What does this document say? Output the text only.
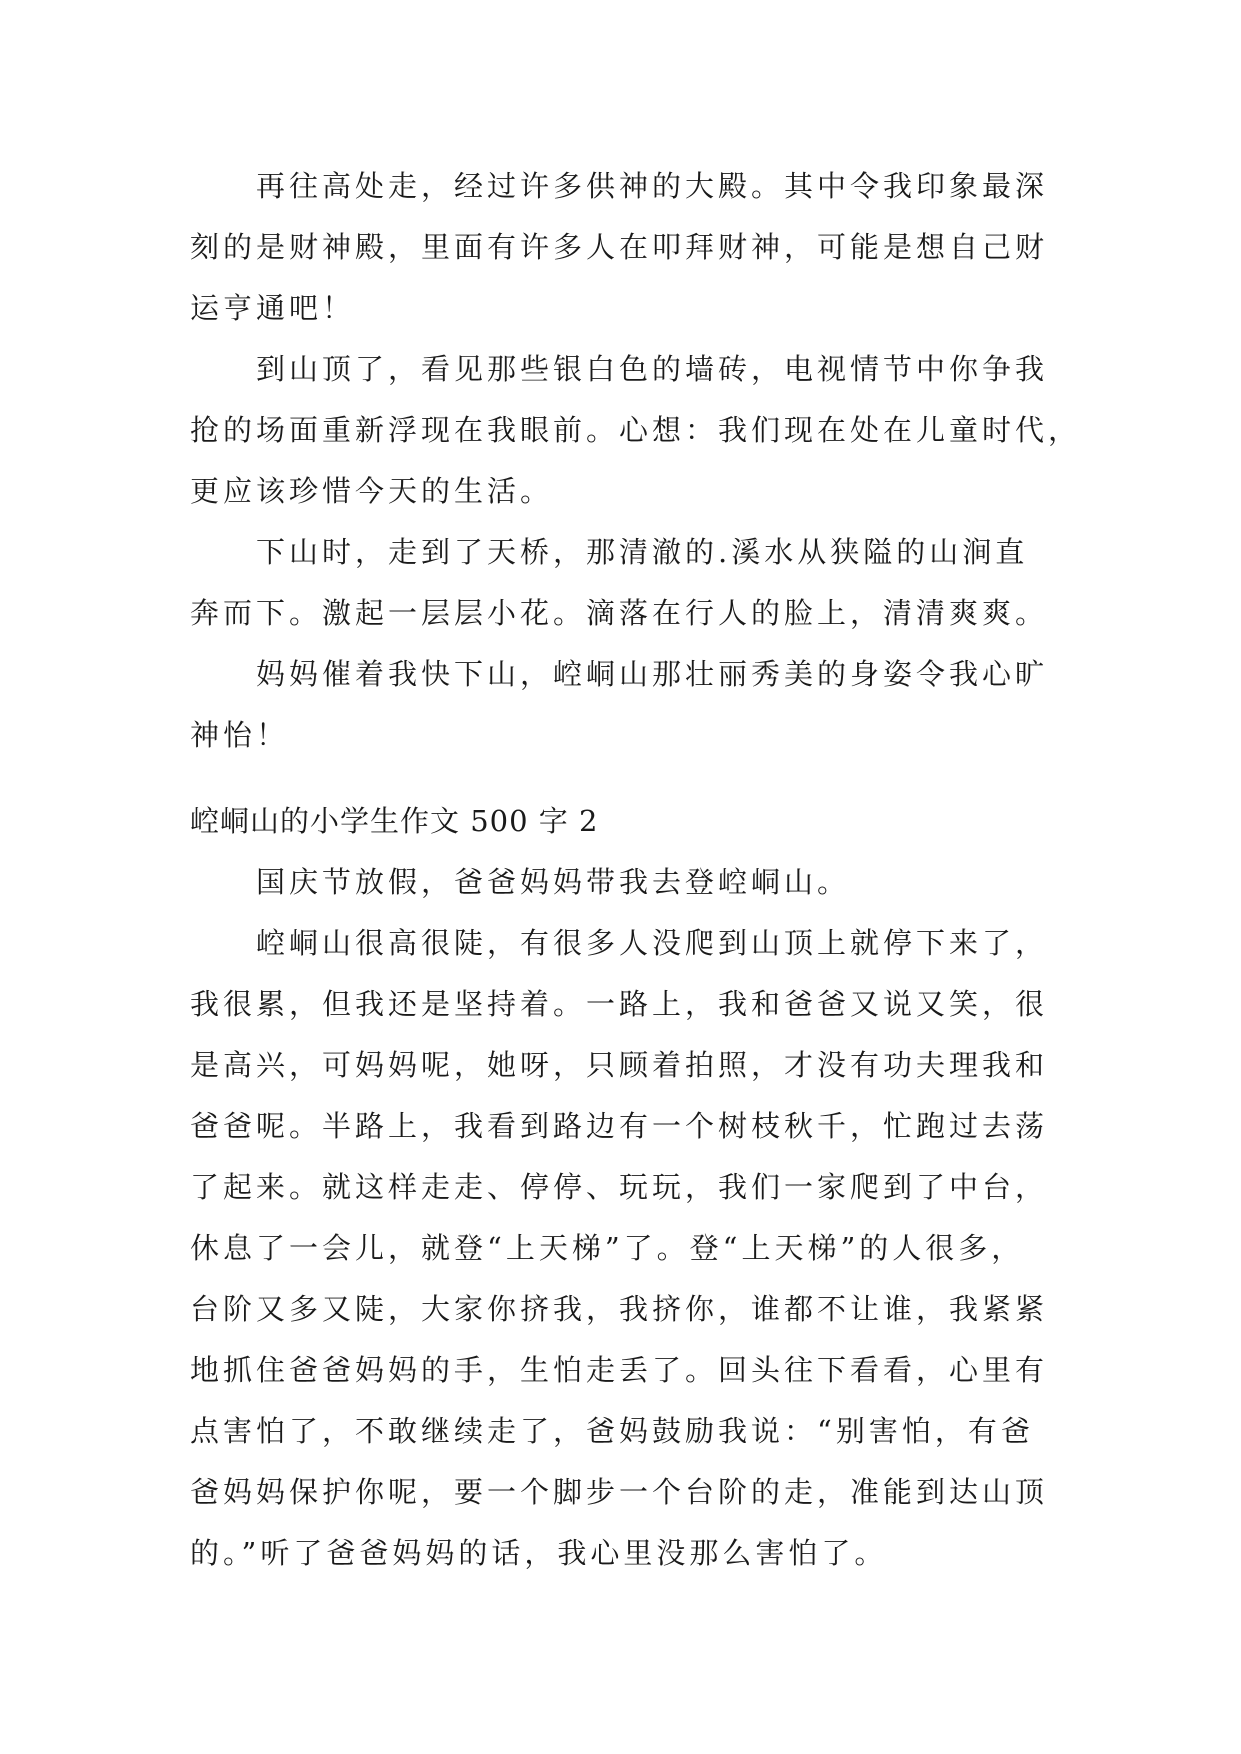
再往高处走，经过许多供神的大殿。其中令我印象最深
刻的是财神殿，里面有许多人在叩拜财神，可能是想自己财
运亨通吧！
到山顶了，看见那些银白色的墙砖，电视情节中你争我
抢的场面重新浮现在我眼前。心想：我们现在处在儿童时代，
更应该珍惜今天的生活。
下山时，走到了天桥，那清澈的.溪水从狭隘的山涧直
奔而下。激起一层层小花。滴落在行人的脸上，清清爽爽。
妈妈催着我快下山，崆峒山那壮丽秀美的身姿令我心旷
神怡！
崆峒山的小学生作文 500 字 2
国庆节放假，爸爸妈妈带我去登崆峒山。
崆峒山很高很陡，有很多人没爬到山顶上就停下来了，
我很累，但我还是坚持着。一路上，我和爸爸又说又笑，很
是高兴，可妈妈呢，她呀，只顾着拍照，才没有功夫理我和
爸爸呢。半路上，我看到路边有一个树枝秋千，忙跑过去荡
了起来。就这样走走、停停、玩玩，我们一家爬到了中台，
休息了一会儿，就登“上天梯”了。登“上天梯”的人很多，
台阶又多又陡，大家你挤我，我挤你，谁都不让谁，我紧紧
地抓住爸爸妈妈的手，生怕走丢了。回头往下看看，心里有
点害怕了，不敢继续走了，爸妈鼓励我说：“别害怕，有爸
爸妈妈保护你呢，要一个脚步一个台阶的走，准能到达山顶
的。”听了爸爸妈妈的话，我心里没那么害怕了。
